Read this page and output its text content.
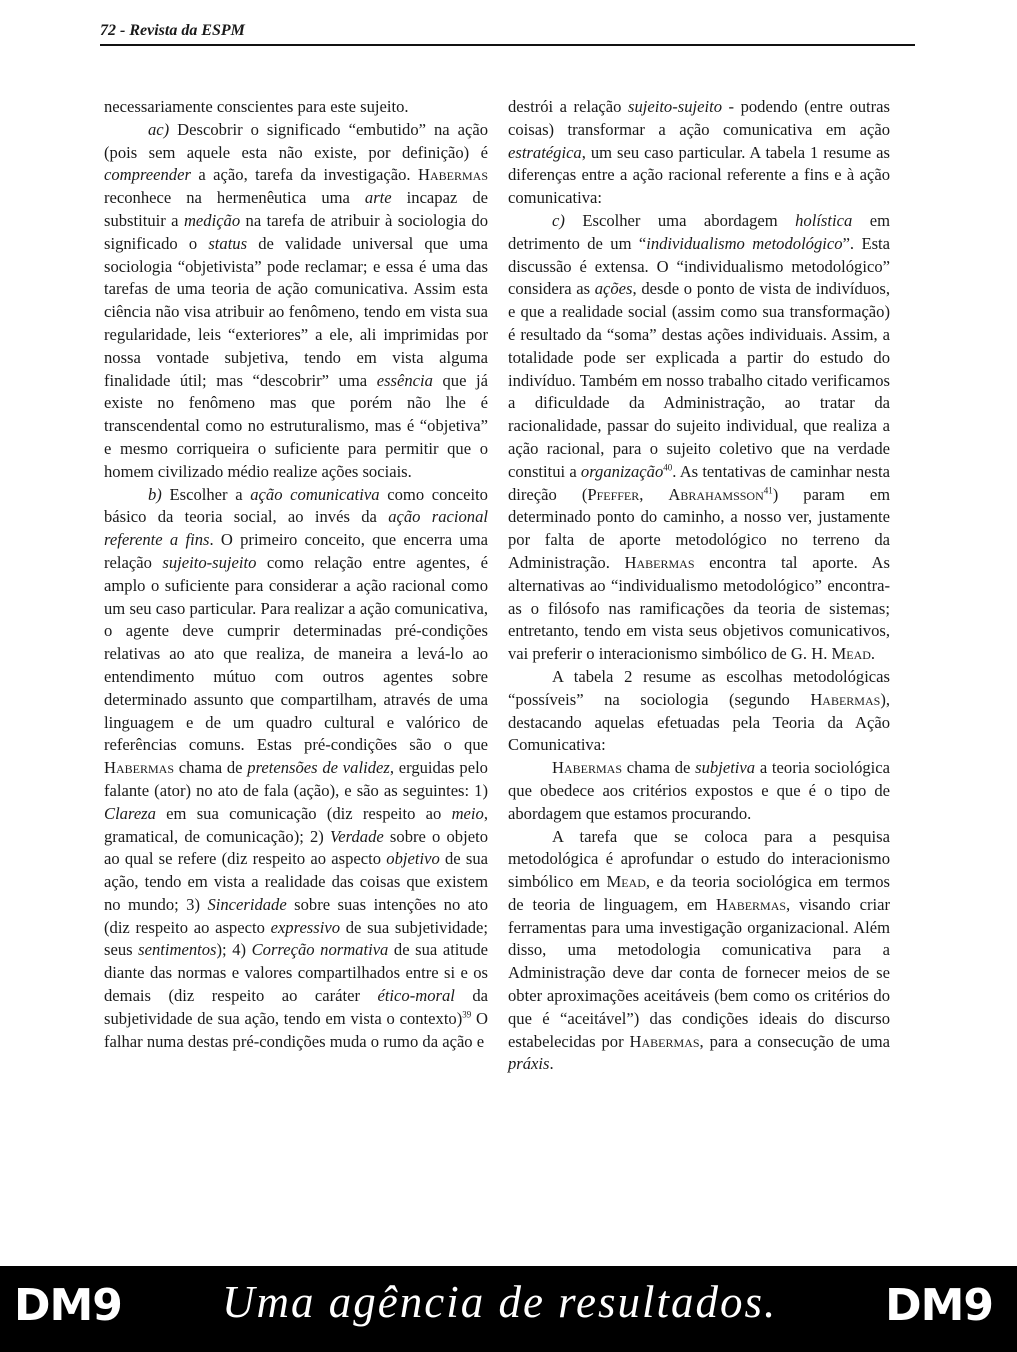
72 - Revista da ESPM

necessariamente conscientes para este sujeito.

ac) Descobrir o significado “embutido” na ação (pois sem aquele esta não existe, por definição) é compreender a ação, tarefa da investigação. Habermas reconhece na hermenêutica uma arte incapaz de substituir a medição na tarefa de atribuir à sociologia do significado o status de validade universal que uma sociologia “objetivista” pode reclamar; e essa é uma das tarefas de uma teoria de ação comunicativa. Assim esta ciência não visa atribuir ao fenômeno, tendo em vista sua regularidade, leis “exteriores” a ele, ali imprimidas por nossa vontade subjetiva, tendo em vista alguma finalidade útil; mas “descobrir” uma essência que já existe no fenômeno mas que porém não lhe é transcendental como no estruturalismo, mas é “objetiva” e mesmo corriqueira o suficiente para permitir que o homem civilizado médio realize ações sociais.

b) Escolher a ação comunicativa como conceito básico da teoria social, ao invés da ação racional referente a fins. O primeiro conceito, que encerra uma relação sujeito-sujeito como relação entre agentes, é amplo o suficiente para considerar a ação racional como um seu caso particular. Para realizar a ação comunicativa, o agente deve cumprir determinadas pré-condições relativas ao ato que realiza, de maneira a levá-lo ao entendimento mútuo com outros agentes sobre determinado assunto que compartilham, através de uma linguagem e de um quadro cultural e valórico de referências comuns. Estas pré-condições são o que Habermas chama de pretensões de validez, erguidas pelo falante (ator) no ato de fala (ação), e são as seguintes: 1) Clareza em sua comunicação (diz respeito ao meio, gramatical, de comunicação); 2) Verdade sobre o objeto ao qual se refere (diz respeito ao aspecto objetivo de sua ação, tendo em vista a realidade das coisas que existem no mundo; 3) Sinceridade sobre suas intenções no ato (diz respeito ao aspecto expressivo de sua subjetividade; seus sentimentos); 4) Correção normativa de sua atitude diante das normas e valores compartilhados entre si e os demais (diz respeito ao caráter ético-moral da subjetividade de sua ação, tendo em vista o contexto)$^{39}$ O falhar numa destas pré-condições muda o rumo da ação e

destrói a relação sujeito-sujeito - podendo (entre outras coisas) transformar a ação comunicativa em ação estratégica, um seu caso particular. A tabela 1 resume as diferenças entre a ação racional referente a fins e à ação comunicativa:

c) Escolher uma abordagem holística em detrimento de um “individualismo metodológico”. Esta discussão é extensa. O “individualismo metodológico” considera as ações, desde o ponto de vista de indivíduos, e que a realidade social (assim como sua transformação) é resultado da “soma” destas ações individuais. Assim, a totalidade pode ser explicada a partir do estudo do indivíduo. Também em nosso trabalho citado verificamos a dificuldade da Administração, ao tratar da racionalidade, passar do sujeito individual, que realiza a ação racional, para o sujeito coletivo que na verdade constitui a organização$^{40}$. As tentativas de caminhar nesta direção (Pfeffer, Abrahamsson$^{41}$) param em determinado ponto do caminho, a nosso ver, justamente por falta de aporte metodológico no terreno da Administração. Habermas encontra tal aporte. As alternativas ao “individualismo metodológico” encontra-as o filósofo nas ramificações da teoria de sistemas; entretanto, tendo em vista seus objetivos comunicativos, vai preferir o interacionismo simbólico de G. H. Mead.

A tabela 2 resume as escolhas metodológicas “possíveis” na sociologia (segundo Habermas), destacando aquelas efetuadas pela Teoria da Ação Comunicativa:

Habermas chama de subjetiva a teoria sociológica que obedece aos critérios expostos e que é o tipo de abordagem que estamos procurando.

A tarefa que se coloca para a pesquisa metodológica é aprofundar o estudo do interacionismo simbólico em Mead, e da teoria sociológica em termos de teoria de linguagem, em Habermas, visando criar ferramentas para uma investigação organizacional. Além disso, uma metodologia comunicativa para a Administração deve dar conta de fornecer meios de se obter aproximações aceitáveis (bem como os critérios do que é “aceitável”) das condições ideais do discurso estabelecidas por Habermas, para a consecução de uma práxis.

DM9 Uma agência de resultados. DM9
